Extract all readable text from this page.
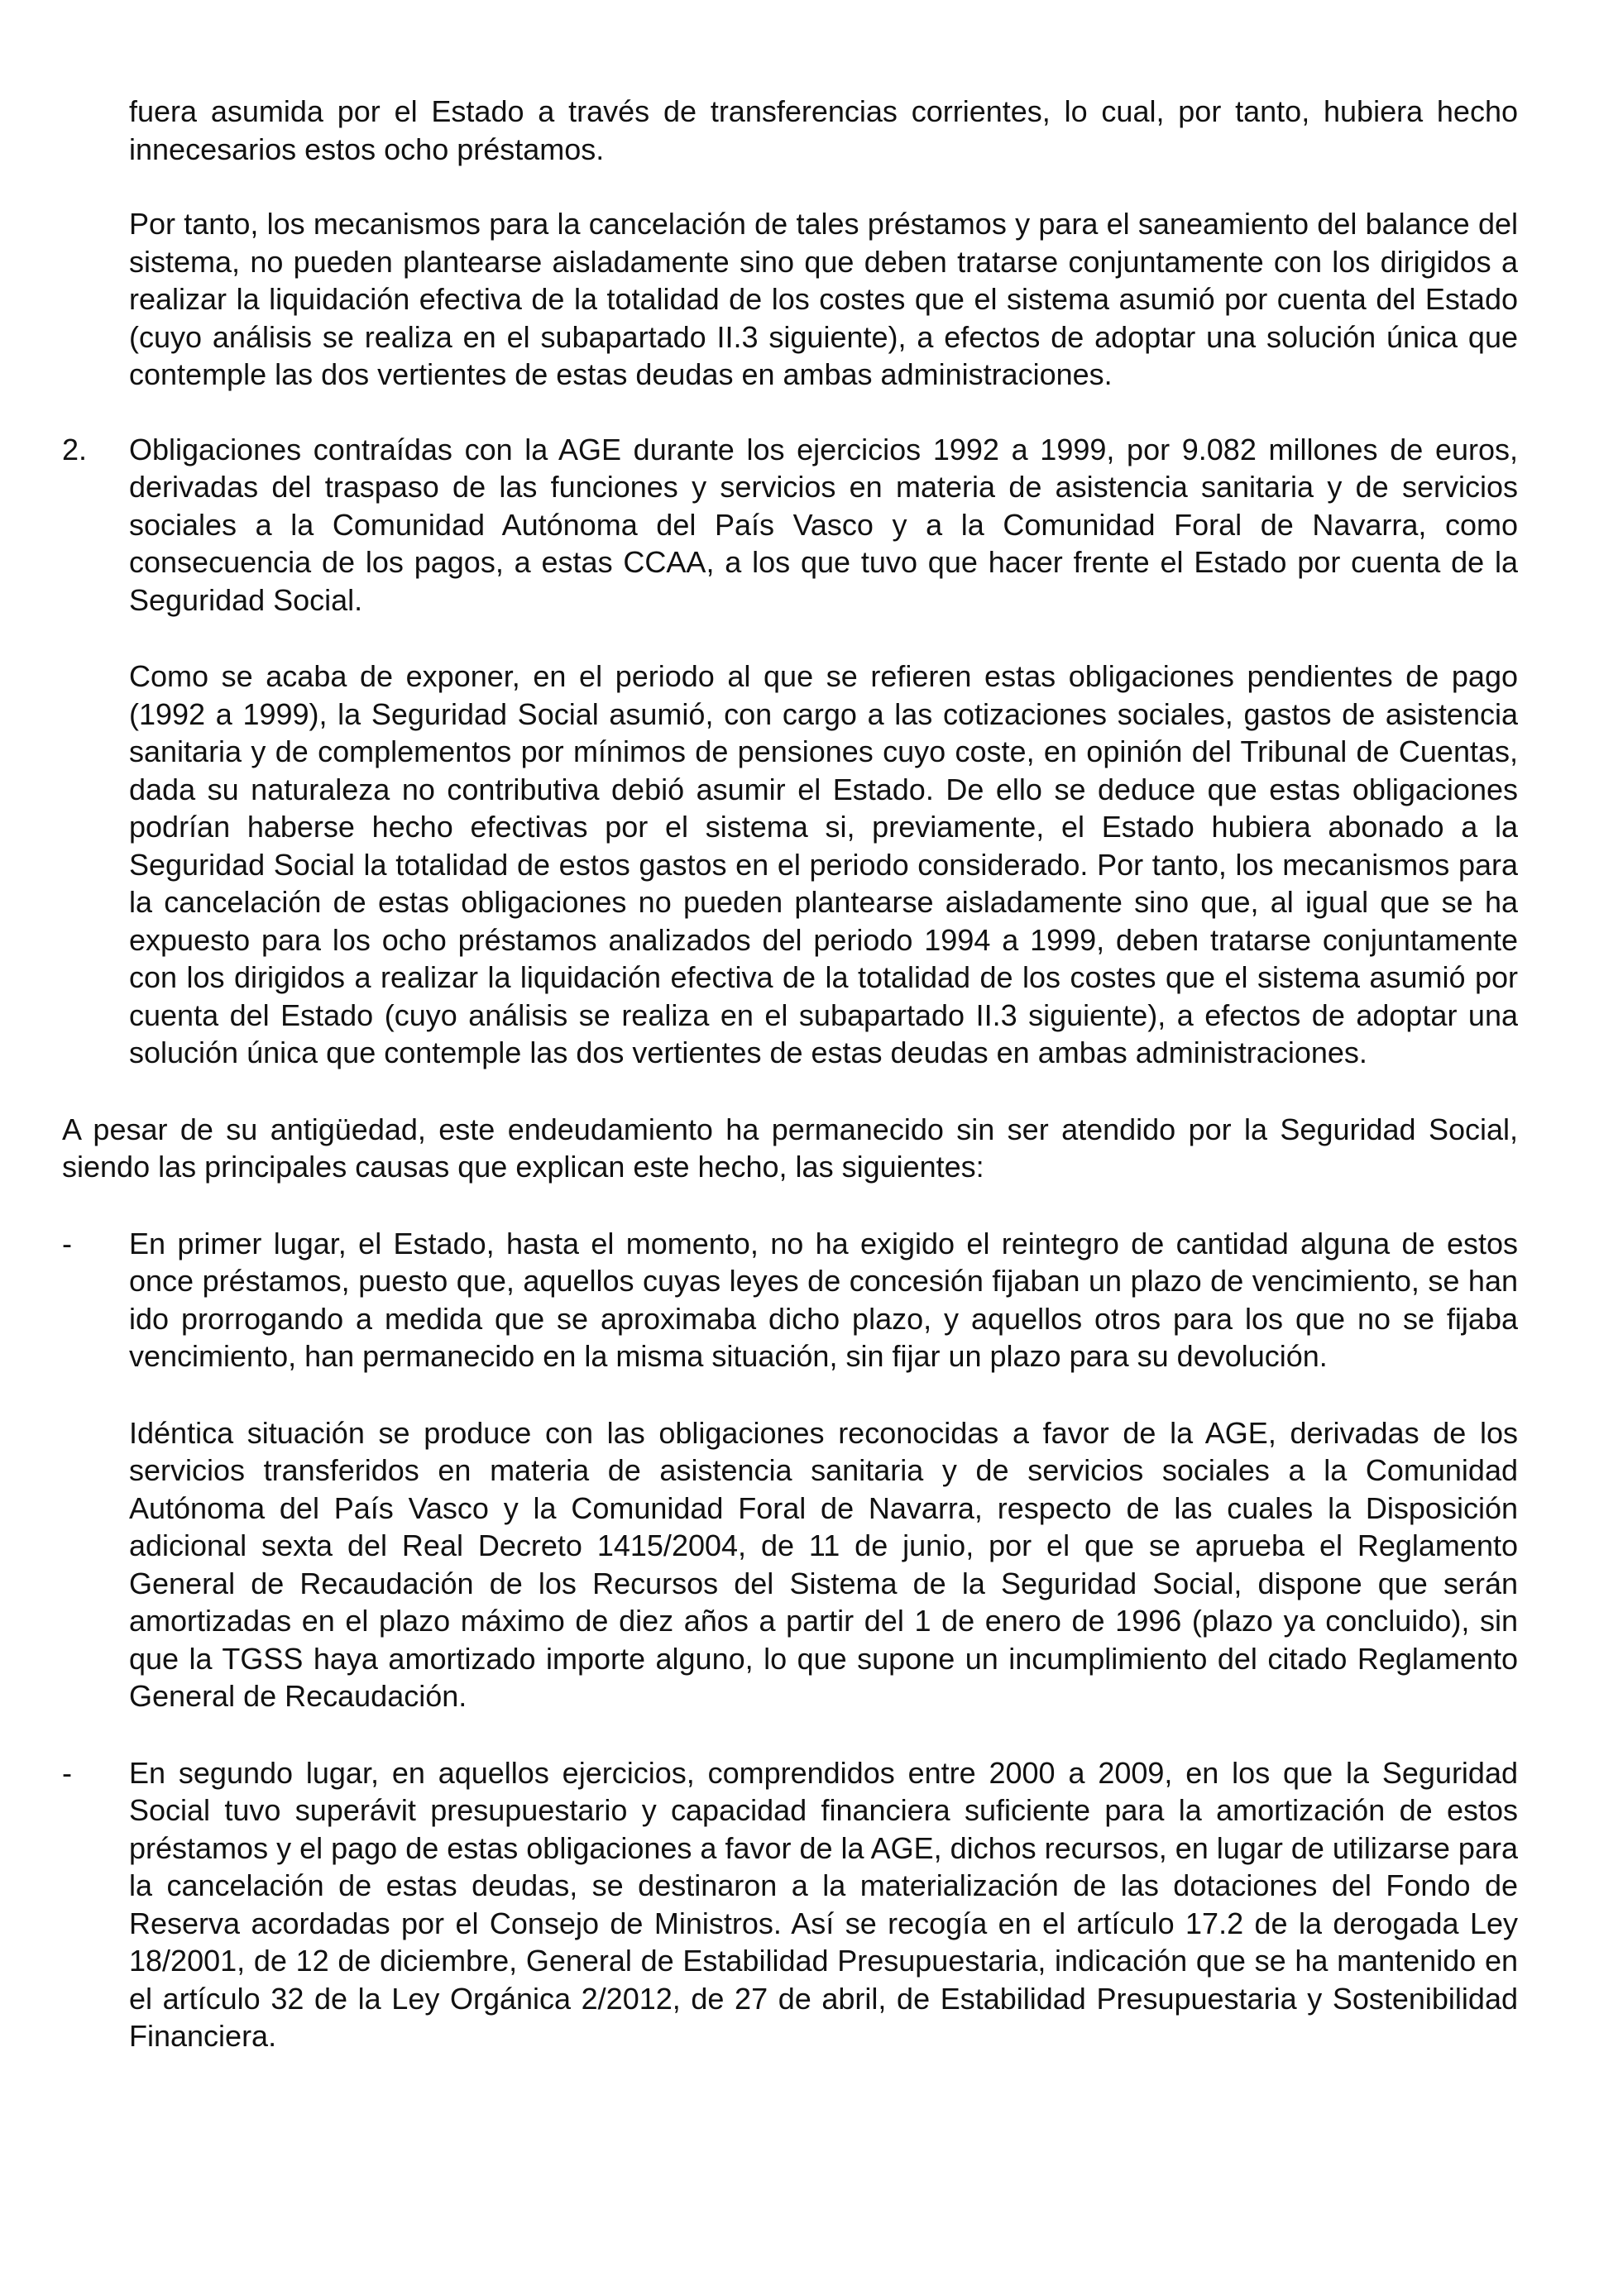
fuera asumida por el Estado a través de transferencias corrientes, lo cual, por tanto, hubiera hecho innecesarios estos ocho préstamos.

Por tanto, los mecanismos para la cancelación de tales préstamos y para el saneamiento del balance del sistema, no pueden plantearse aisladamente sino que deben tratarse conjuntamente con los dirigidos a realizar la liquidación efectiva de la totalidad de los costes que el sistema asumió por cuenta del Estado (cuyo análisis se realiza en el subapartado II.3 siguiente), a efectos de adoptar una solución única que contemple las dos vertientes de estas deudas en ambas administraciones.

2. Obligaciones contraídas con la AGE durante los ejercicios 1992 a 1999, por 9.082 millones de euros, derivadas del traspaso de las funciones y servicios en materia de asistencia sanitaria y de servicios sociales a la Comunidad Autónoma del País Vasco y a la Comunidad Foral de Navarra, como consecuencia de los pagos, a estas CCAA, a los que tuvo que hacer frente el Estado por cuenta de la Seguridad Social.

Como se acaba de exponer, en el periodo al que se refieren estas obligaciones pendientes de pago (1992 a 1999), la Seguridad Social asumió, con cargo a las cotizaciones sociales, gastos de asistencia sanitaria y de complementos por mínimos de pensiones cuyo coste, en opinión del Tribunal de Cuentas, dada su naturaleza no contributiva debió asumir el Estado. De ello se deduce que estas obligaciones podrían haberse hecho efectivas por el sistema si, previamente, el Estado hubiera abonado a la Seguridad Social la totalidad de estos gastos en el periodo considerado. Por tanto, los mecanismos para la cancelación de estas obligaciones no pueden plantearse aisladamente sino que, al igual que se ha expuesto para los ocho préstamos analizados del periodo 1994 a 1999, deben tratarse conjuntamente con los dirigidos a realizar la liquidación efectiva de la totalidad de los costes que el sistema asumió por cuenta del Estado (cuyo análisis se realiza en el subapartado II.3 siguiente), a efectos de adoptar una solución única que contemple las dos vertientes de estas deudas en ambas administraciones.

A pesar de su antigüedad, este endeudamiento ha permanecido sin ser atendido por la Seguridad Social, siendo las principales causas que explican este hecho, las siguientes:

- En primer lugar, el Estado, hasta el momento, no ha exigido el reintegro de cantidad alguna de estos once préstamos, puesto que, aquellos cuyas leyes de concesión fijaban un plazo de vencimiento, se han ido prorrogando a medida que se aproximaba dicho plazo, y aquellos otros para los que no se fijaba vencimiento, han permanecido en la misma situación, sin fijar un plazo para su devolución.

Idéntica situación se produce con las obligaciones reconocidas a favor de la AGE, derivadas de los servicios transferidos en materia de asistencia sanitaria y de servicios sociales a la Comunidad Autónoma del País Vasco y la Comunidad Foral de Navarra, respecto de las cuales la Disposición adicional sexta del Real Decreto 1415/2004, de 11 de junio, por el que se aprueba el Reglamento General de Recaudación de los Recursos del Sistema de la Seguridad Social, dispone que serán amortizadas en el plazo máximo de diez años a partir del 1 de enero de 1996 (plazo ya concluido), sin que la TGSS haya amortizado importe alguno, lo que supone un incumplimiento del citado Reglamento General de Recaudación.

- En segundo lugar, en aquellos ejercicios, comprendidos entre 2000 a 2009, en los que la Seguridad Social tuvo superávit presupuestario y capacidad financiera suficiente para la amortización de estos préstamos y el pago de estas obligaciones a favor de la AGE, dichos recursos, en lugar de utilizarse para la cancelación de estas deudas, se destinaron a la materialización de las dotaciones del Fondo de Reserva acordadas por el Consejo de Ministros. Así se recogía en el artículo 17.2 de la derogada Ley 18/2001, de 12 de diciembre, General de Estabilidad Presupuestaria, indicación que se ha mantenido en el artículo 32 de la Ley Orgánica 2/2012, de 27 de abril, de Estabilidad Presupuestaria y Sostenibilidad Financiera.
